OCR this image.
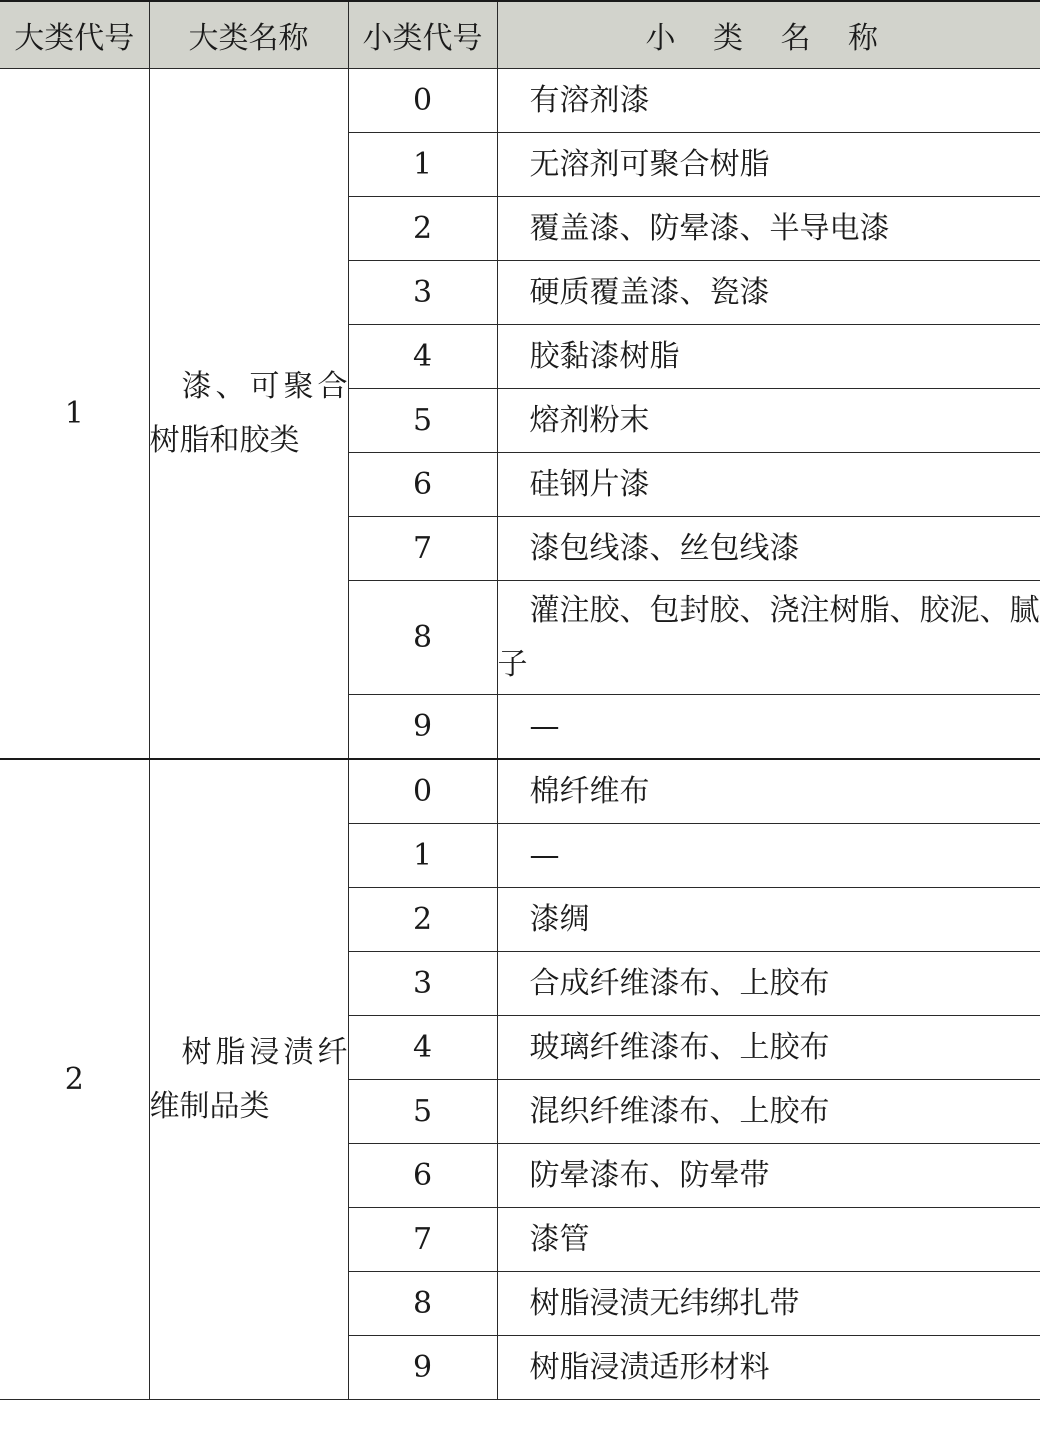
大类代号	大类名称	小类代号	小 类 名 称
1	漆、可聚合树脂和胶类	0	有溶剂漆
		1	无溶剂可聚合树脂
		2	覆盖漆、防晕漆、半导电漆
		3	硬质覆盖漆、瓷漆
		4	胶黏漆树脂
		5	熔剂粉末
		6	硅钢片漆
		7	漆包线漆、丝包线漆
		8	灌注胶、包封胶、浇注树脂、胶泥、腻子
		9	—
2	树脂浸渍纤维制品类	0	棉纤维布
		1	—
		2	漆绸
		3	合成纤维漆布、上胶布
		4	玻璃纤维漆布、上胶布
		5	混织纤维漆布、上胶布
		6	防晕漆布、防晕带
		7	漆管
		8	树脂浸渍无纬绑扎带
		9	树脂浸渍适形材料
